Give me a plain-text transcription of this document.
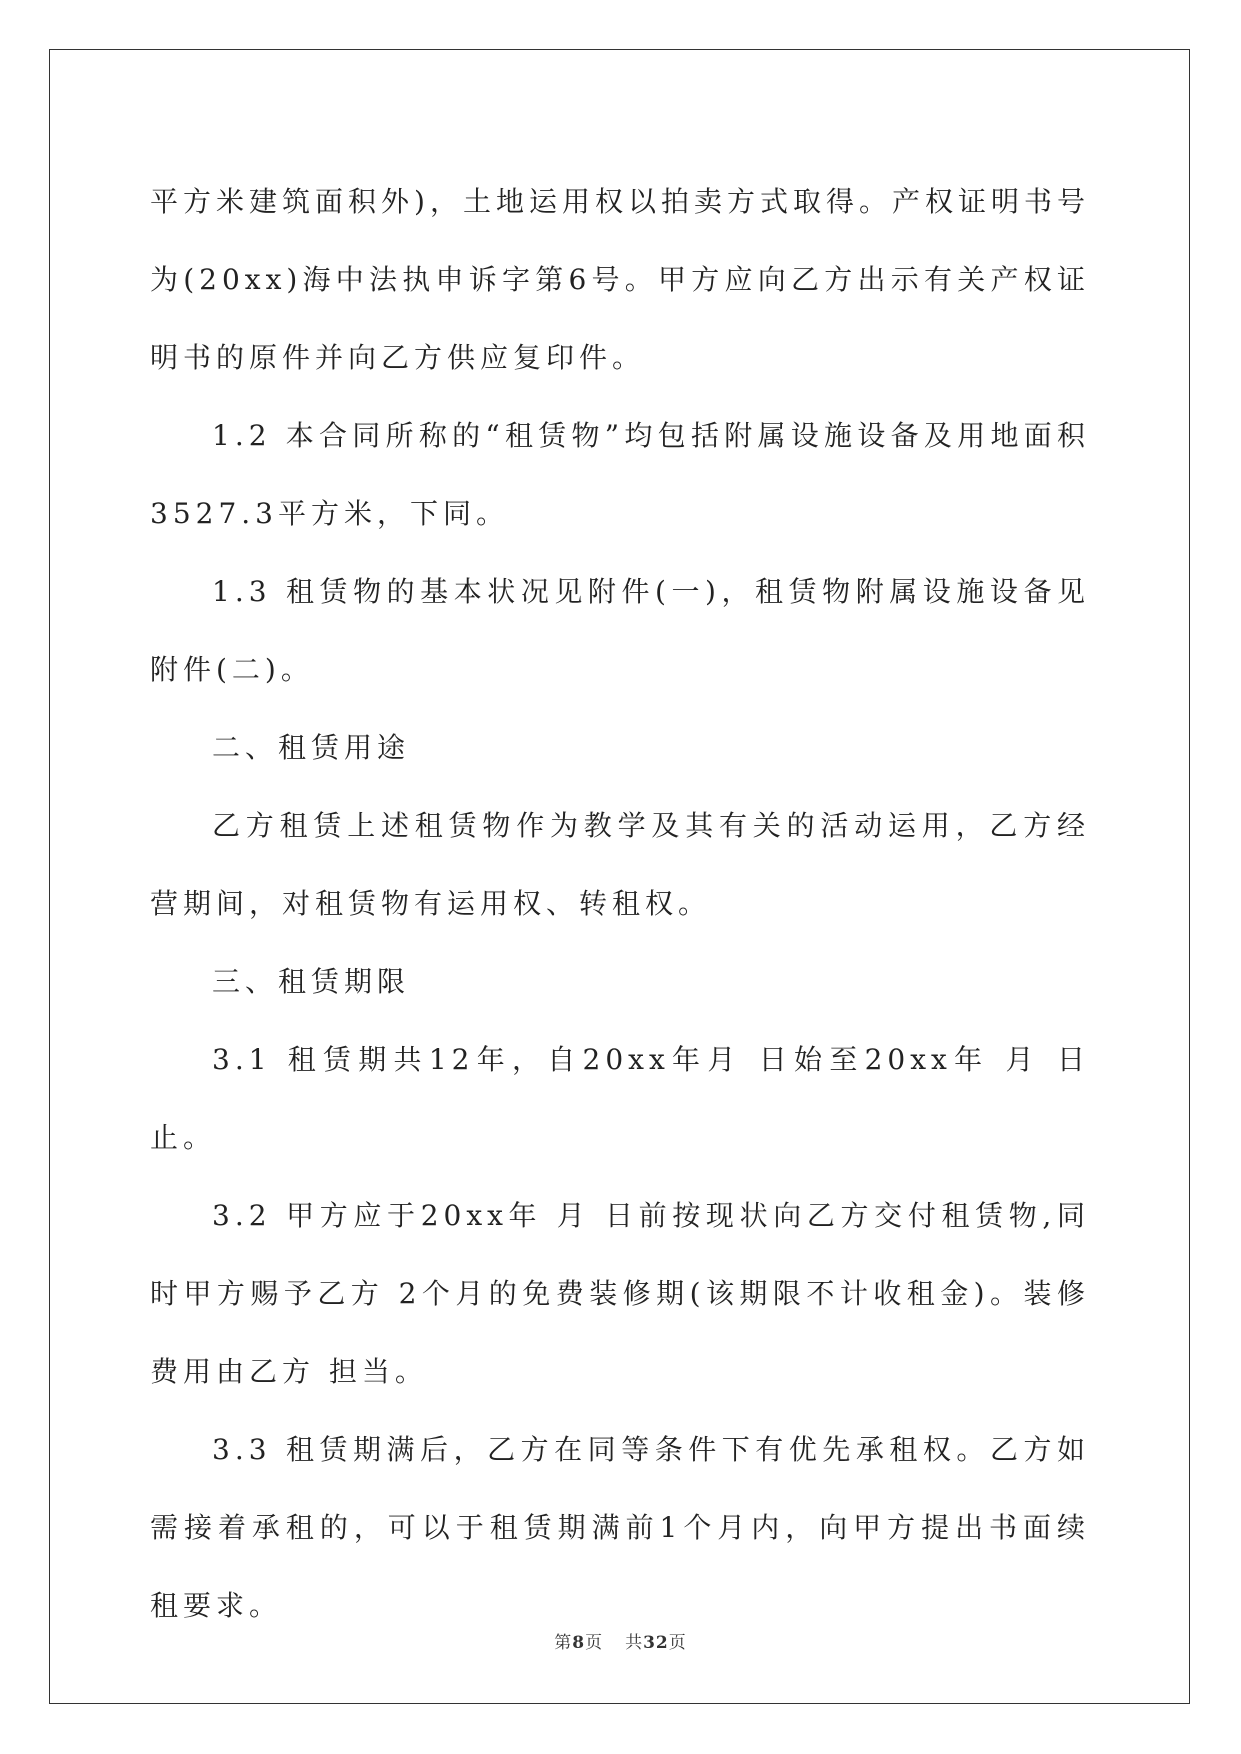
平方米建筑面积外)，土地运用权以拍卖方式取得。产权证明书号为(20xx)海中法执申诉字第6号。甲方应向乙方出示有关产权证明书的原件并向乙方供应复印件。

1.2 本合同所称的“租赁物”均包括附属设施设备及用地面积3527.3平方米，下同。

1.3 租赁物的基本状况见附件(一)，租赁物附属设施设备见附件(二)。

二、租赁用途

乙方租赁上述租赁物作为教学及其有关的活动运用，乙方经营期间，对租赁物有运用权、转租权。

三、租赁期限

3.1 租赁期共12年，自20xx年月 日始至20xx年 月 日止。

3.2 甲方应于20xx年 月 日前按现状向乙方交付租赁物,同时甲方赐予乙方 2个月的免费装修期(该期限不计收租金)。装修费用由乙方 担当。

3.3 租赁期满后，乙方在同等条件下有优先承租权。乙方如需接着承租的，可以于租赁期满前1个月内，向甲方提出书面续租要求。

第8页 共32页
